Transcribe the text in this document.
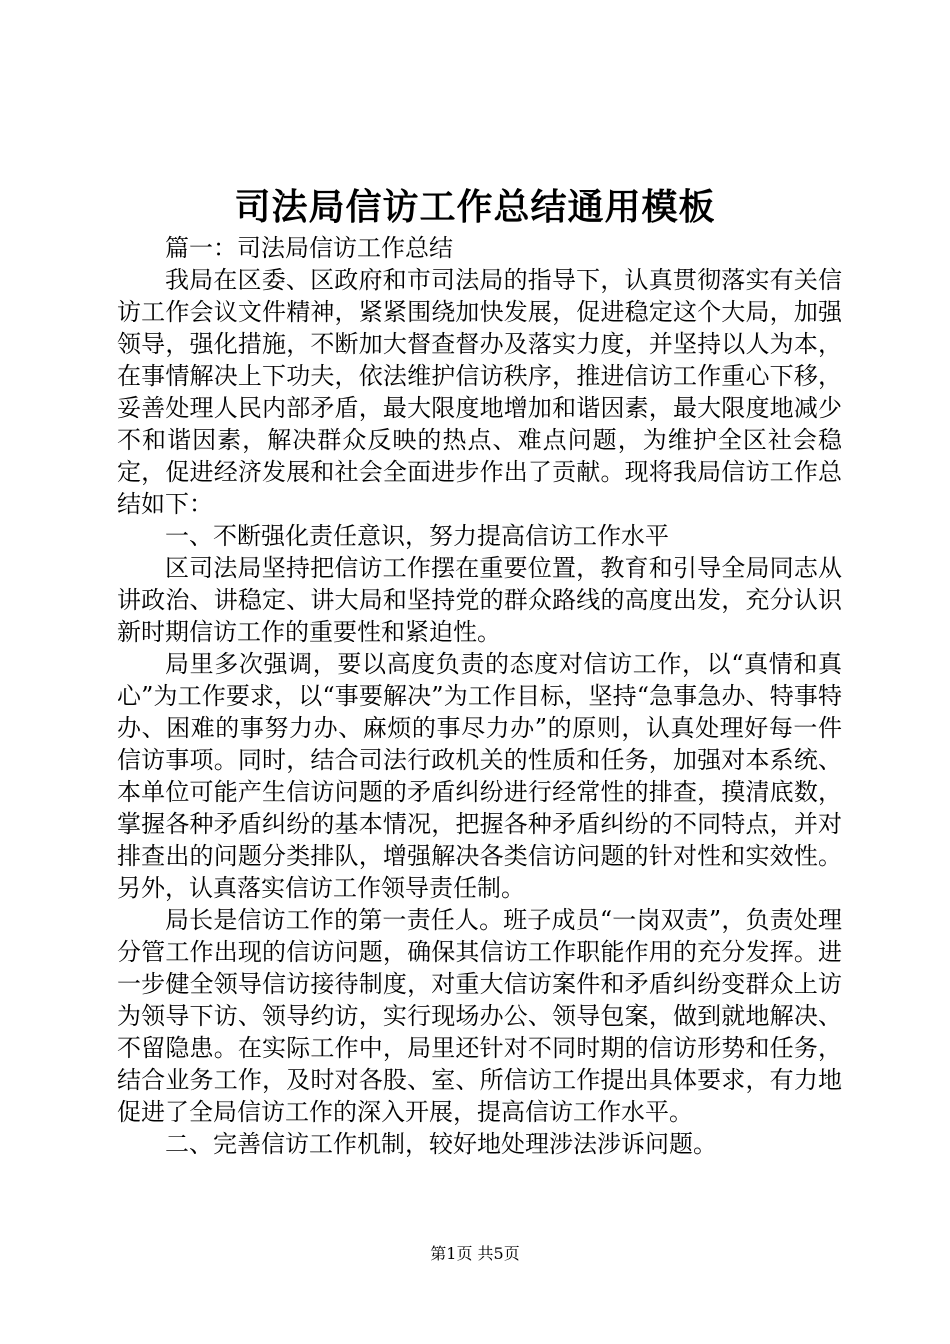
司法局信访工作总结通用模板

篇一：司法局信访工作总结

我局在区委、区政府和市司法局的指导下，认真贯彻落实有关信访工作会议文件精神，紧紧围绕加快发展，促进稳定这个大局，加强领导，强化措施，不断加大督查督办及落实力度，并坚持以人为本，在事情解决上下功夫，依法维护信访秩序，推进信访工作重心下移，妥善处理人民内部矛盾，最大限度地增加和谐因素，最大限度地减少不和谐因素，解决群众反映的热点、难点问题，为维护全区社会稳定，促进经济发展和社会全面进步作出了贡献。现将我局信访工作总结如下：

一、不断强化责任意识，努力提高信访工作水平

区司法局坚持把信访工作摆在重要位置，教育和引导全局同志从讲政治、讲稳定、讲大局和坚持党的群众路线的高度出发，充分认识新时期信访工作的重要性和紧迫性。

局里多次强调，要以高度负责的态度对信访工作，以“真情和真心”为工作要求，以“事要解决”为工作目标，坚持“急事急办、特事特办、困难的事努力办、麻烦的事尽力办”的原则，认真处理好每一件信访事项。同时，结合司法行政机关的性质和任务，加强对本系统、本单位可能产生信访问题的矛盾纠纷进行经常性的排查，摸清底数，掌握各种矛盾纠纷的基本情况，把握各种矛盾纠纷的不同特点，并对排查出的问题分类排队，增强解决各类信访问题的针对性和实效性。另外，认真落实信访工作领导责任制。

局长是信访工作的第一责任人。班子成员“一岗双责”，负责处理分管工作出现的信访问题，确保其信访工作职能作用的充分发挥。进一步健全领导信访接待制度，对重大信访案件和矛盾纠纷变群众上访为领导下访、领导约访，实行现场办公、领导包案，做到就地解决、不留隐患。在实际工作中，局里还针对不同时期的信访形势和任务，结合业务工作，及时对各股、室、所信访工作提出具体要求，有力地促进了全局信访工作的深入开展，提高信访工作水平。

二、完善信访工作机制，较好地处理涉法涉诉问题。

第1页 共5页
